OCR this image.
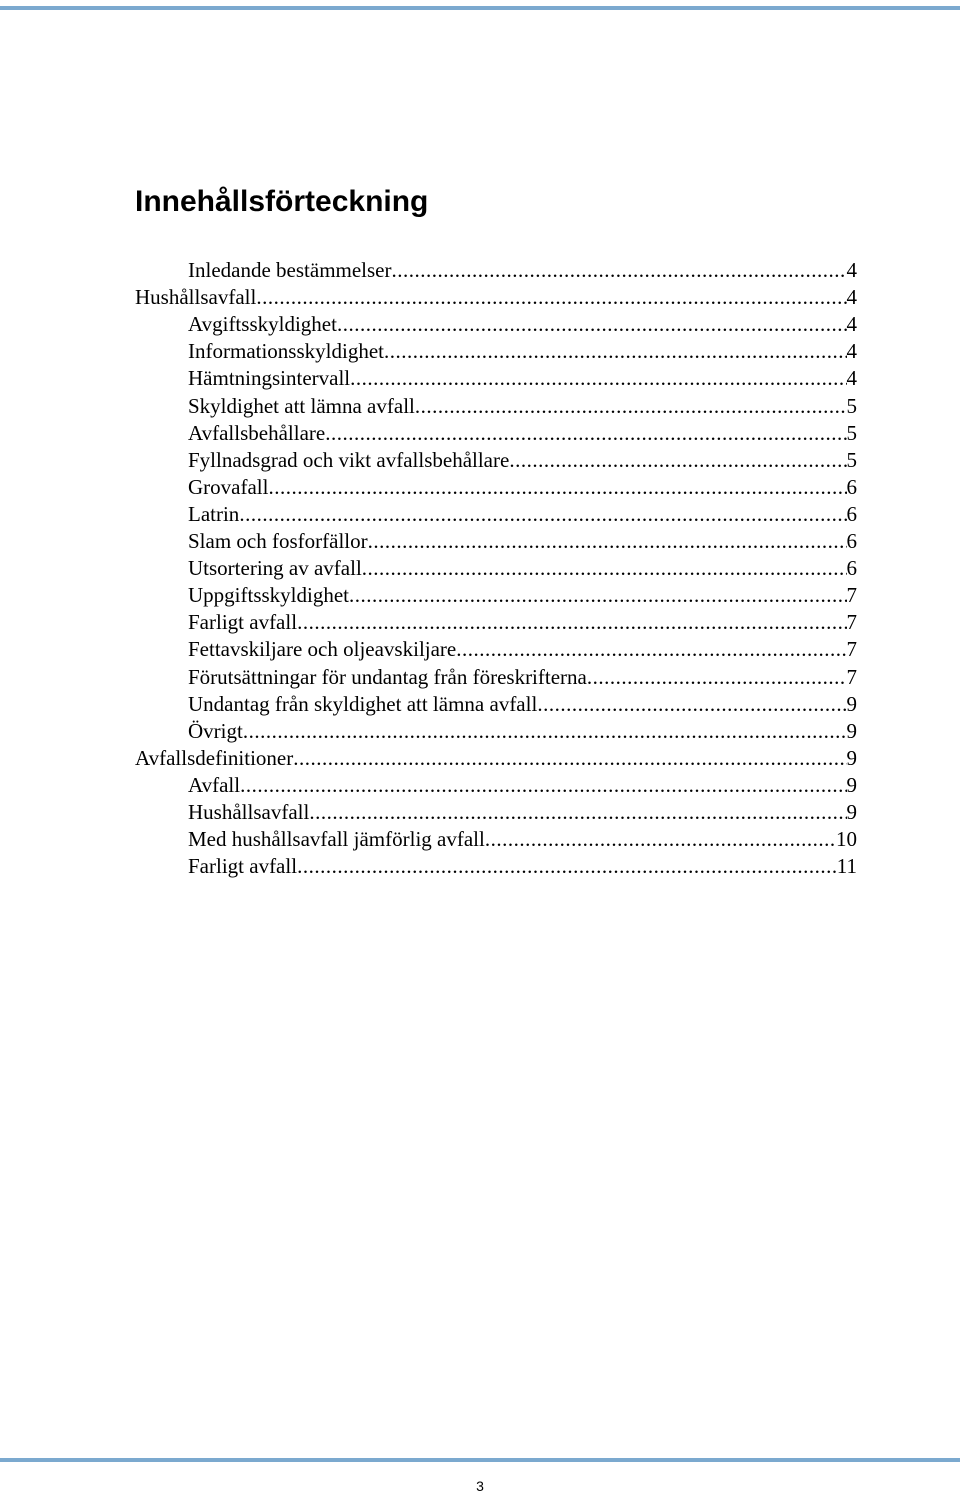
Innehållsförteckning
Inledande bestämmelser .....	4
Hushållsavfall .....	4
Avgiftsskyldighet .....	4
Informationsskyldighet .....	4
Hämtningsintervall .....	4
Skyldighet att lämna avfall .....	5
Avfallsbehållare .....	5
Fyllnadsgrad och vikt avfallsbehållare .....	5
Grovafall .....	6
Latrin .....	6
Slam och fosforfällor .....	6
Utsortering av avfall .....	6
Uppgiftsskyldighet .....	7
Farligt avfall .....	7
Fettavskiljare och oljeavskiljare .....	7
Förutsättningar för undantag från föreskrifterna .....	7
Undantag från skyldighet att lämna avfall .....	9
Övrigt .....	9
Avfallsdefinitioner .....	9
Avfall .....	9
Hushållsavfall .....	9
Med hushållsavfall jämförlig avfall .....	10
Farligt avfall .....	11
3
